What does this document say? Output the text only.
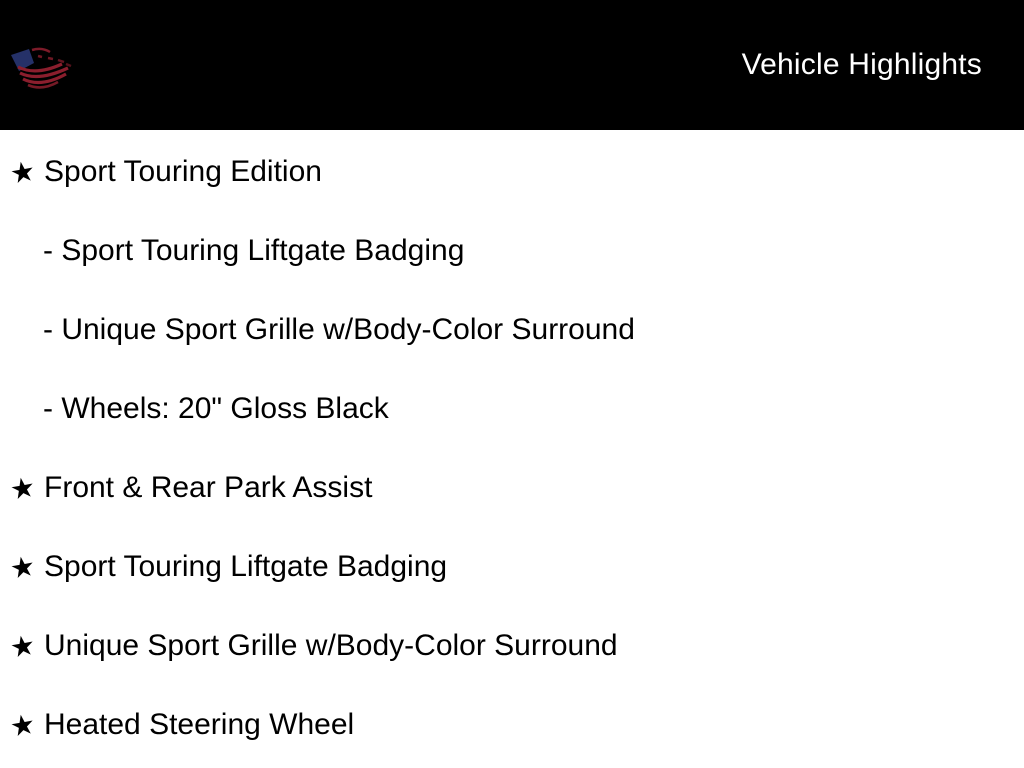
Vehicle Highlights
★ Sport Touring Edition
- Sport Touring Liftgate Badging
- Unique Sport Grille w/Body-Color Surround
- Wheels: 20" Gloss Black
★ Front & Rear Park Assist
★ Sport Touring Liftgate Badging
★ Unique Sport Grille w/Body-Color Surround
★ Heated Steering Wheel
